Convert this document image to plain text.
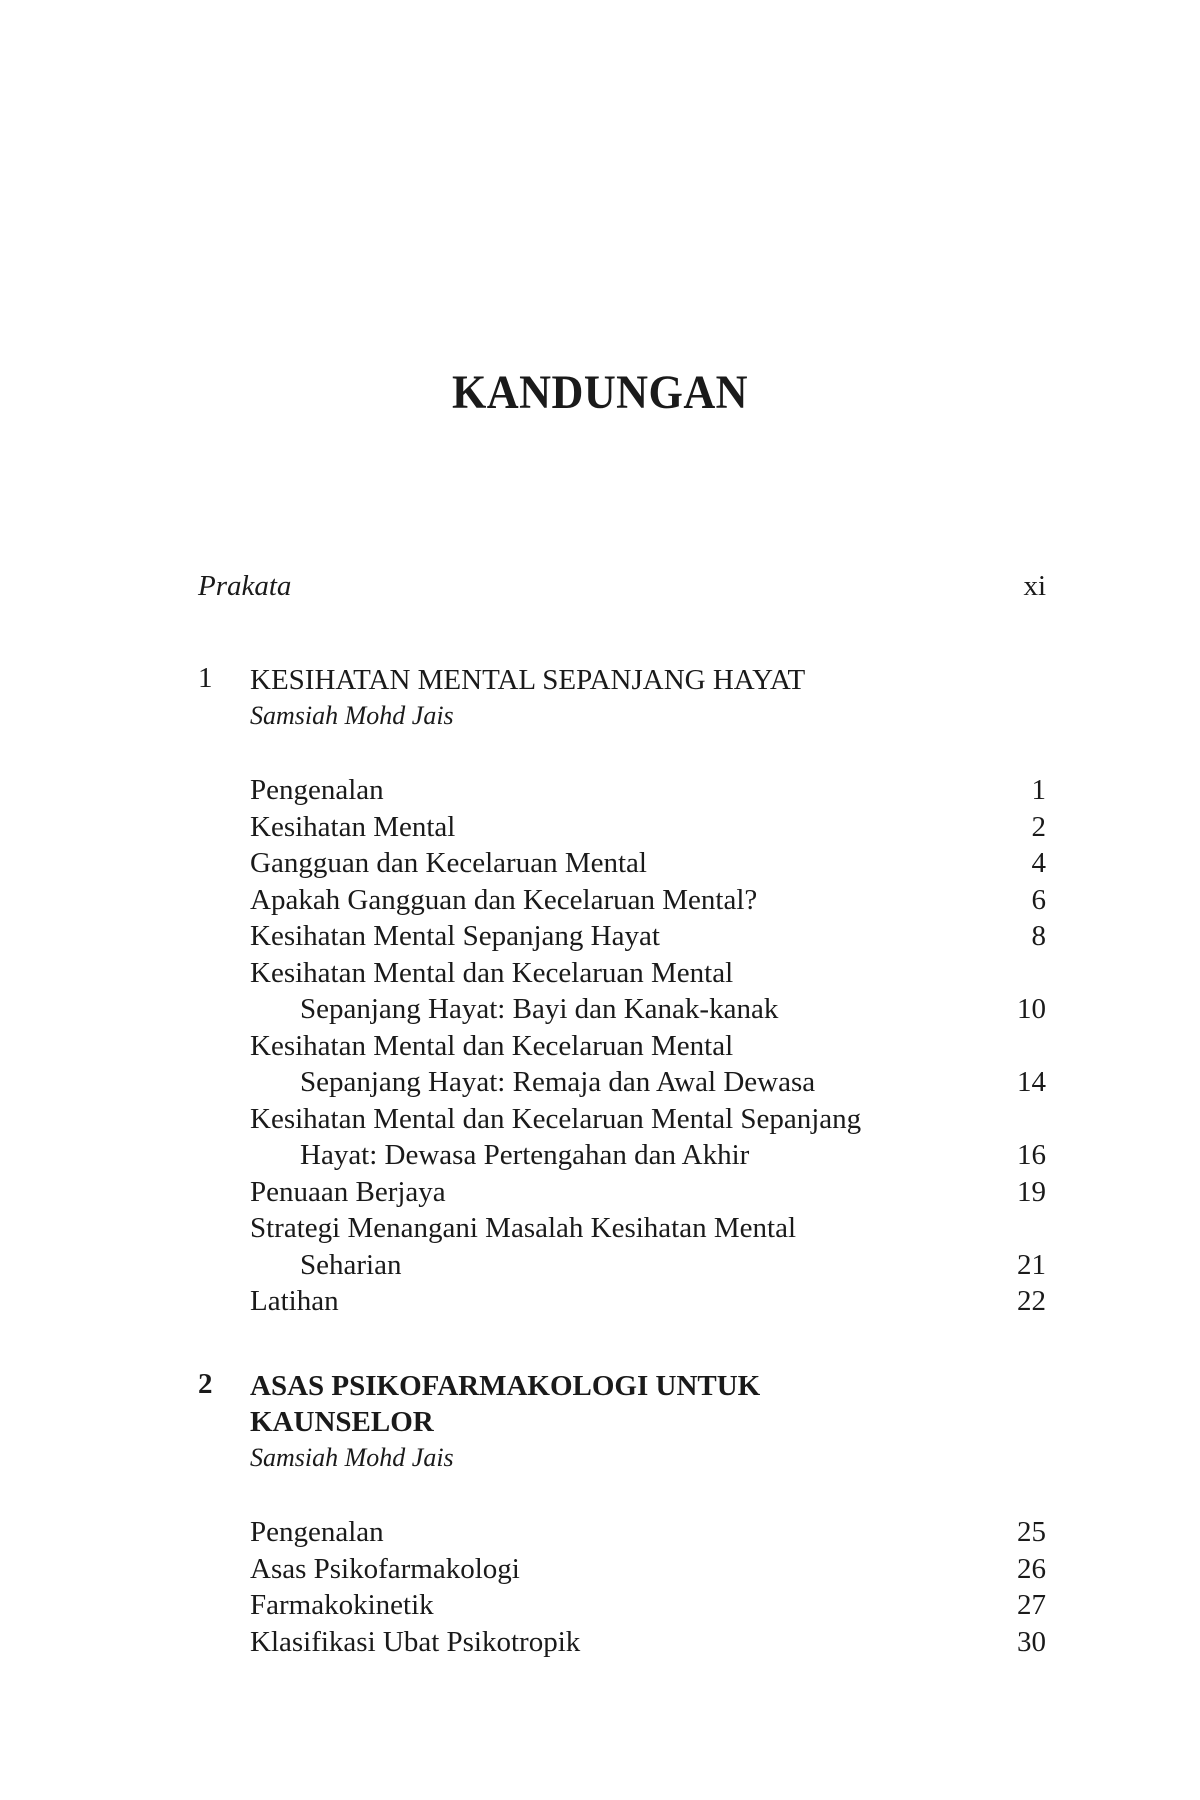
KANDUNGAN
Prakata	xi
1	KESIHATAN MENTAL SEPANJANG HAYAT
Samsiah Mohd Jais
Pengenalan	1
Kesihatan Mental	2
Gangguan dan Kecelaruan Mental	4
Apakah Gangguan dan Kecelaruan Mental?	6
Kesihatan Mental Sepanjang Hayat	8
Kesihatan Mental dan Kecelaruan Mental
Sepanjang Hayat: Bayi dan Kanak-kanak	10
Kesihatan Mental dan Kecelaruan Mental
Sepanjang Hayat: Remaja dan Awal Dewasa	14
Kesihatan Mental dan Kecelaruan Mental Sepanjang
Hayat: Dewasa Pertengahan dan Akhir	16
Penuaan Berjaya	19
Strategi Menangani Masalah Kesihatan Mental
Seharian	21
Latihan	22
2	ASAS PSIKOFARMAKOLOGI UNTUK
KAUNSELOR
Samsiah Mohd Jais
Pengenalan	25
Asas Psikofarmakologi	26
Farmakokinetik	27
Klasifikasi Ubat Psikotropik	30
